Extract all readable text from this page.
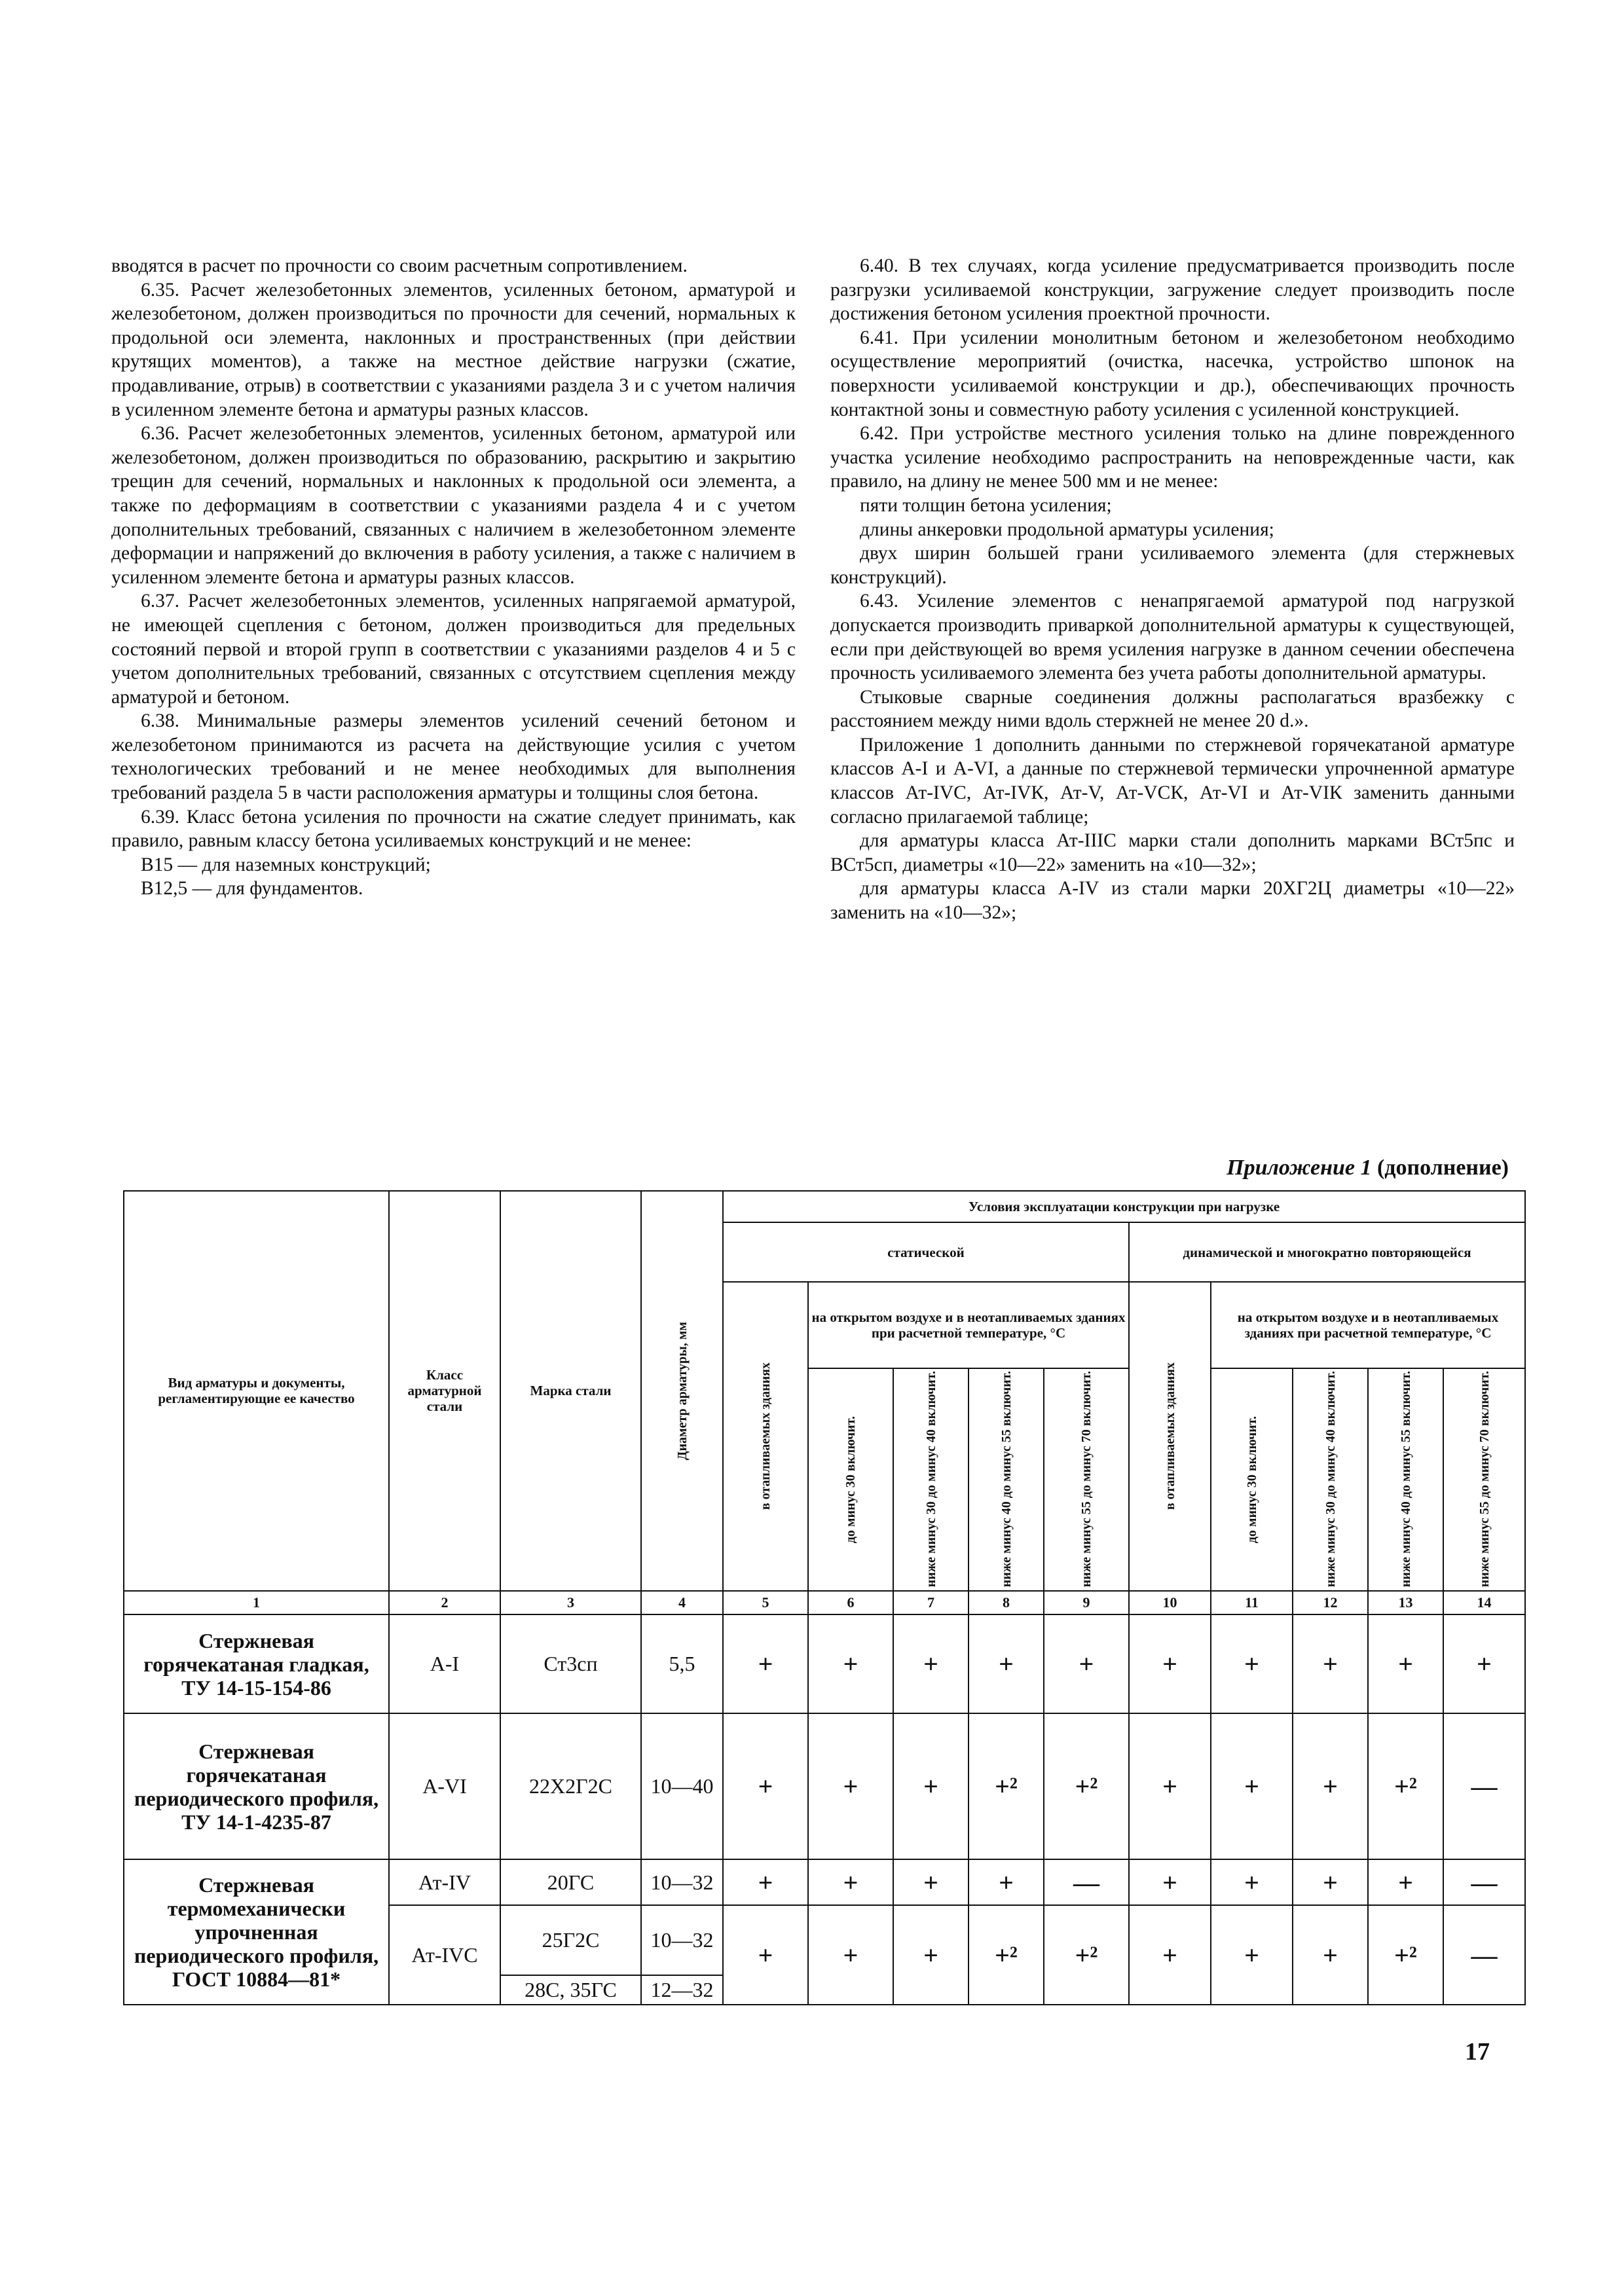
вводятся в расчет по прочности со своим расчетным сопротивлением.

6.35. Расчет железобетонных элементов, усиленных бетоном, арматурой и железобетоном, должен производиться по прочности для сечений, нормальных к продольной оси элемента, наклонных и пространственных (при действии крутящих моментов), а также на местное действие нагрузки (сжатие, продавливание, отрыв) в соответствии с указаниями раздела 3 и с учетом наличия в усиленном элементе бетона и арматуры разных классов.

6.36. Расчет железобетонных элементов, усиленных бетоном, арматурой или железобетоном, должен производиться по образованию, раскрытию и закрытию трещин для сечений, нормальных и наклонных к продольной оси элемента, а также по деформациям в соответствии с указаниями раздела 4 и с учетом дополнительных требований, связанных с наличием в железобетонном элементе деформации и напряжений до включения в работу усиления, а также с наличием в усиленном элементе бетона и арматуры разных классов.

6.37. Расчет железобетонных элементов, усиленных напрягаемой арматурой, не имеющей сцепления с бетоном, должен производиться для предельных состояний первой и второй групп в соответствии с указаниями разделов 4 и 5 с учетом дополнительных требований, связанных с отсутствием сцепления между арматурой и бетоном.

6.38. Минимальные размеры элементов усилений сечений бетоном и железобетоном принимаются из расчета на действующие усилия с учетом технологических требований и не менее необходимых для выполнения требований раздела 5 в части расположения арматуры и толщины слоя бетона.

6.39. Класс бетона усиления по прочности на сжатие следует принимать, как правило, равным классу бетона усиливаемых конструкций и не менее:

В15 — для наземных конструкций;

В12,5 — для фундаментов.

6.40. В тех случаях, когда усиление предусматривается производить после разгрузки усиливаемой конструкции, загружение следует производить после достижения бетоном усиления проектной прочности.

6.41. При усилении монолитным бетоном и железобетоном необходимо осуществление мероприятий (очистка, насечка, устройство шпонок на поверхности усиливаемой конструкции и др.), обеспечивающих прочность контактной зоны и совместную работу усиления с усиленной конструкцией.

6.42. При устройстве местного усиления только на длине поврежденного участка усиление необходимо распространить на неповрежденные части, как правило, на длину не менее 500 мм и не менее:

пяти толщин бетона усиления;

длины анкеровки продольной арматуры усиления;

двух ширин большей грани усиливаемого элемента (для стержневых конструкций).

6.43. Усиление элементов с ненапрягаемой арматурой под нагрузкой допускается производить приваркой дополнительной арматуры к существующей, если при действующей во время усиления нагрузке в данном сечении обеспечена прочность усиливаемого элемента без учета работы дополнительной арматуры.

Стыковые сварные соединения должны располагаться вразбежку с расстоянием между ними вдоль стержней не менее 20 d.».

Приложение 1 дополнить данными по стержневой горячекатаной арматуре классов А-I и А-VI, а данные по стержневой термически упрочненной арматуре классов Ат-IVС, Ат-IVК, Ат-V, Ат-VСК, Ат-VI и Ат-VIК заменить данными согласно прилагаемой таблице;

для арматуры класса Ат-IIIС марки стали дополнить марками ВСт5пс и ВСт5сп, диаметры «10—22» заменить на «10—32»;

для арматуры класса А-IV из стали марки 20ХГ2Ц диаметры «10—22» заменить на «10—32»;

Приложение 1 (дополнение)
Вид арматуры и документы, регламентирующие ее качество	Класс арматурной стали	Марка стали	Диаметр арматуры, мм	Условия эксплуатации конструкции при нагрузке									
				статической					динамической и многократно повторяющейся				

				в отапливаемых зданиях	на открытом воздухе и в неотапливаемых зданиях при расчетной температуре, °С				в отапливаемых зданиях	на открытом воздухе и в неотапливаемых зданиях при расчетной температуре, °С			

					до минус 30 включит.	ниже минус 30 до минус 40 включит.	ниже минус 40 до минус 55 включит.	ниже минус 55 до минус 70 включит.		до минус 30 включит.	ниже минус 30 до минус 40 включит.	ниже минус 40 до минус 55 включит.	ниже минус 55 до минус 70 включит.

1	2	3	4	5	6	7	8	9	10	11	12	13	14
Стержневая горячекатаная гладкая, ТУ 14-15-154-86	А-I	Ст3сп	5,5	+	+	+	+	+	+	+	+	+	+
Стержневая горячекатаная периодического профиля, ТУ 14-1-4235-87	А-VI	22Х2Г2С	10—40	+	+	+	+²	+²	+	+	+	+²	—
Стержневая термомеханически упрочненная периодического профиля, ГОСТ 10884—81*	Ат-IV	20ГС	10—32	+	+	+	+	—	+	+	+	+	—
	Ат-IVС	25Г2С	10—32	+	+	+	+²	+²	+	+	+	+²	—
		28С, 35ГС	12—32										
17
